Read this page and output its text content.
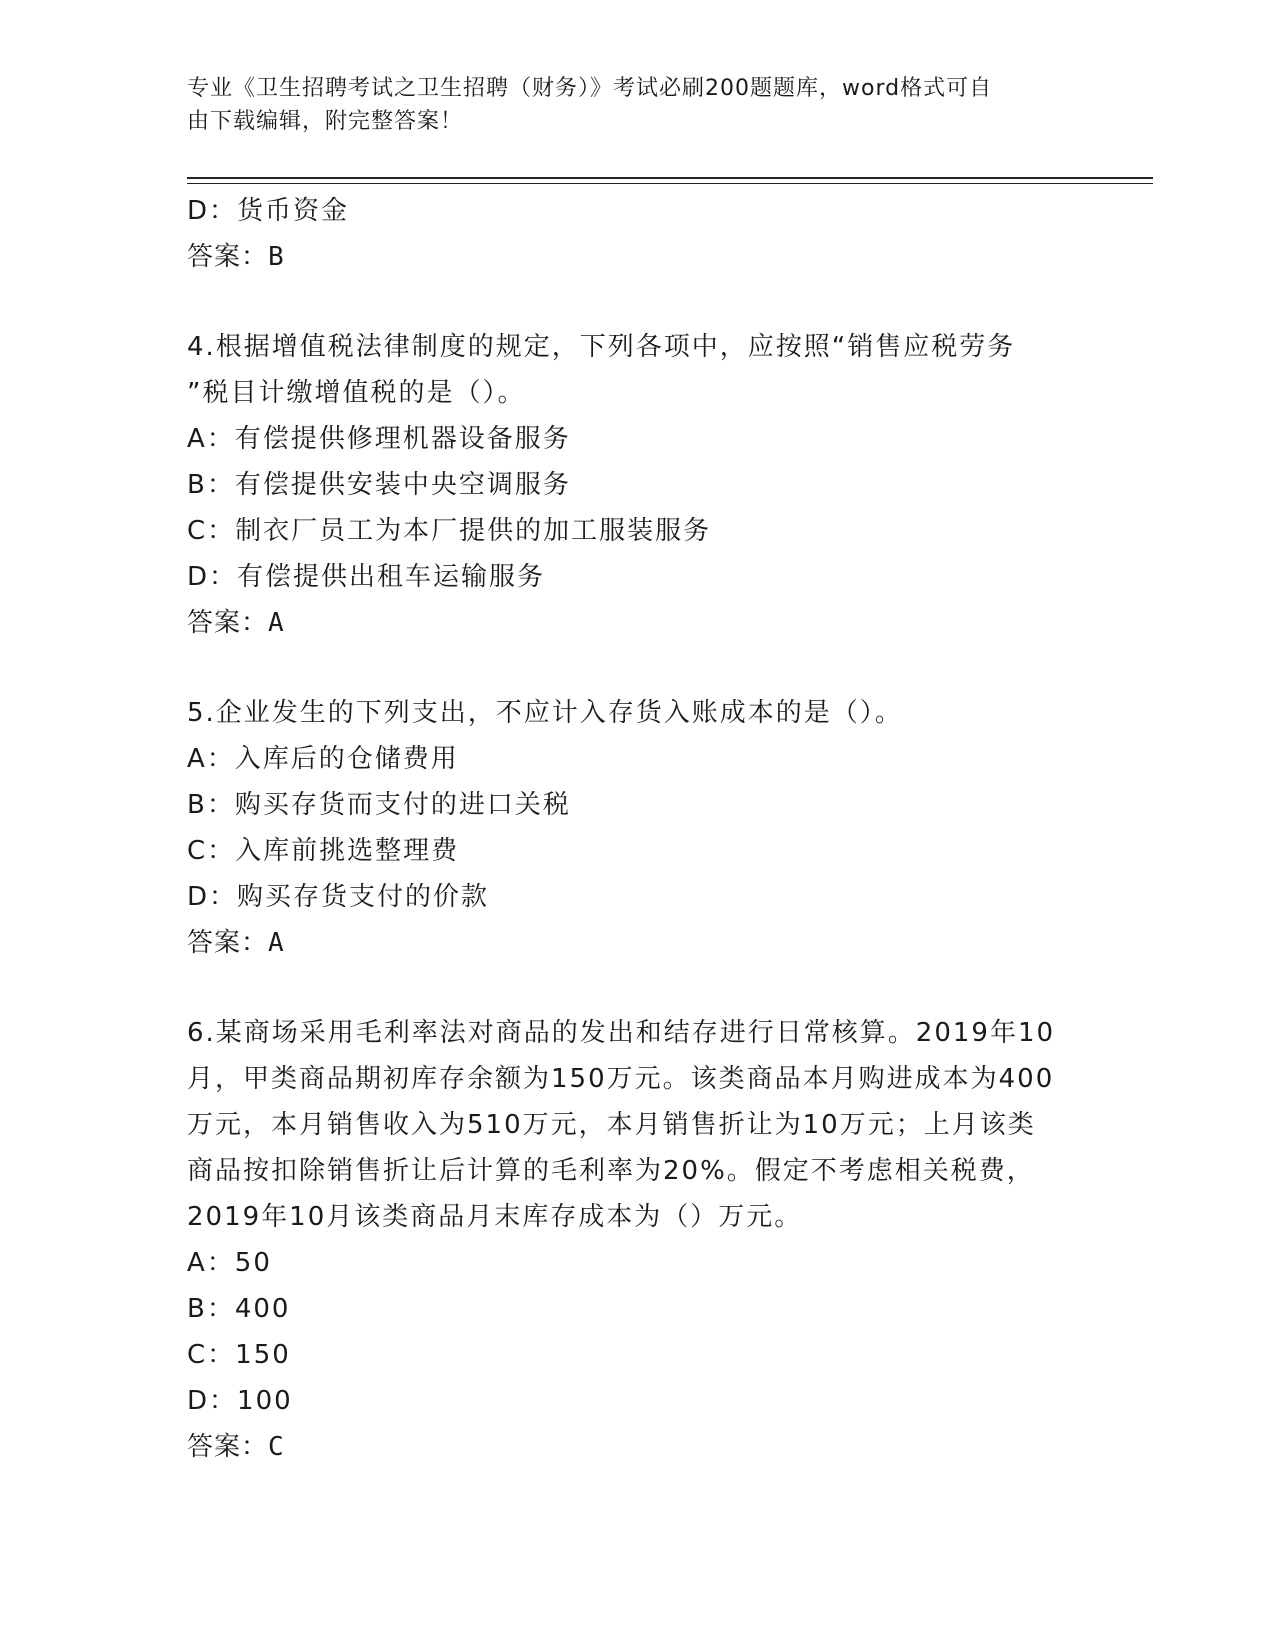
专业《卫生招聘考试之卫生招聘（财务）》考试必刷200题题库，word格式可自
由下载编辑，附完整答案！
D：货币资金
答案：B
4.根据增值税法律制度的规定，下列各项中，应按照“销售应税劳务
”税目计缴增值税的是（）。
A：有偿提供修理机器设备服务
B：有偿提供安装中央空调服务
C：制衣厂员工为本厂提供的加工服装服务
D：有偿提供出租车运输服务
答案：A
5.企业发生的下列支出，不应计入存货入账成本的是（）。
A：入库后的仓储费用
B：购买存货而支付的进口关税
C：入库前挑选整理费
D：购买存货支付的价款
答案：A
6.某商场采用毛利率法对商品的发出和结存进行日常核算。2019年10
月，甲类商品期初库存余额为150万元。该类商品本月购进成本为400
万元，本月销售收入为510万元，本月销售折让为10万元；上月该类
商品按扣除销售折让后计算的毛利率为20%。假定不考虑相关税费，
2019年10月该类商品月末库存成本为（）万元。
A：50
B：400
C：150
D：100
答案：C
